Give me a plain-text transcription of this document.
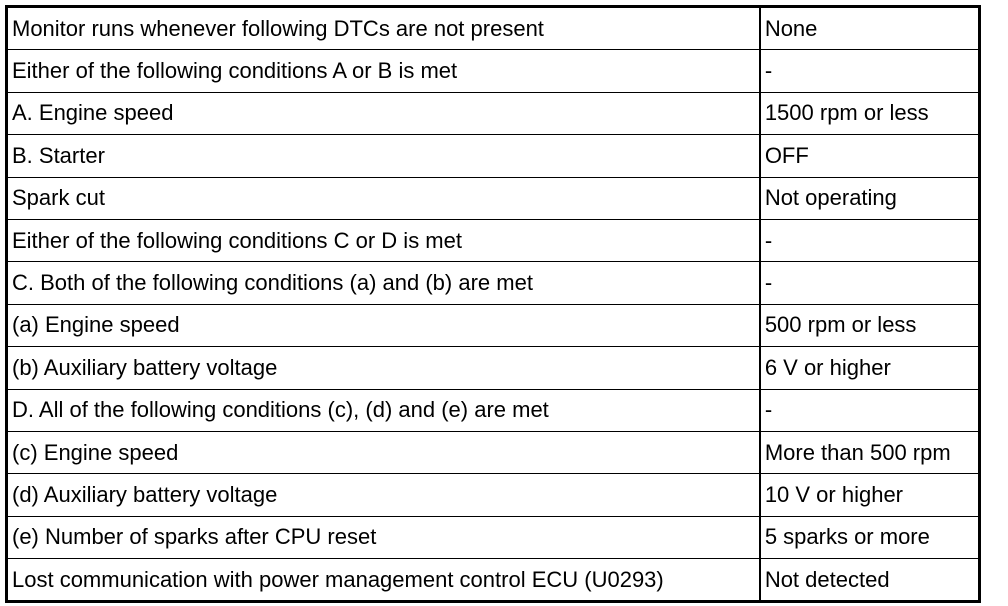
Monitor runs whenever following DTCs are not present	None
Either of the following conditions A or B is met	-
A. Engine speed	1500 rpm or less
B. Starter	OFF
Spark cut	Not operating
Either of the following conditions C or D is met	-
C. Both of the following conditions (a) and (b) are met	-
(a) Engine speed	500 rpm or less
(b) Auxiliary battery voltage	6 V or higher
D. All of the following conditions (c), (d) and (e) are met	-
(c) Engine speed	More than 500 rpm
(d) Auxiliary battery voltage	10 V or higher
(e) Number of sparks after CPU reset	5 sparks or more
Lost communication with power management control ECU (U0293)	Not detected
